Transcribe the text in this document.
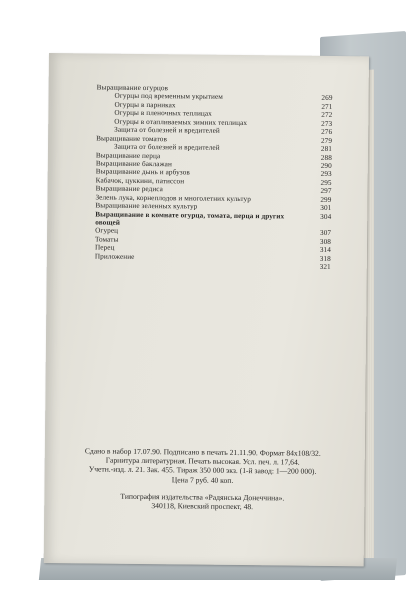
Выращивание огурцов
Огурцы под временным укрытием	269
Огурцы в парниках	271
Огурцы в пленочных теплицах	272
Огурцы в отапливаемых зимних теплицах	273
Защита от болезней и вредителей	276
Выращивание томатов	279
Защита от болезней и вредителей	281
Выращивание перца	288
Выращивание баклажан	290
Выращивание дынь и арбузов	293
Кабачок, цуккини, патиссон	295
Выращивание редиса	297
Зелень лука, корнеплодов и многолетних культур	299
Выращивание зеленных культур	301
Выращивание в комнате огурца, томата, перца и других	304
овощей
Огурец	307
Томаты	308
Перец	314
Приложение	318
321
Сдано в набор 17.07.90. Подписано в печать 21.11.90. Формат 84х108/32.
Гарнитура литературная. Печать высокая. Усл. печ. л. 17,64.
Учетн.-изд. л. 21. Зак. 455. Тираж 350 000 экз. (1-й завод: 1—200 000).
Цена 7 руб. 40 коп.
Типография издательства «Радянська Донеччина».
340118, Киевский проспект, 48.
